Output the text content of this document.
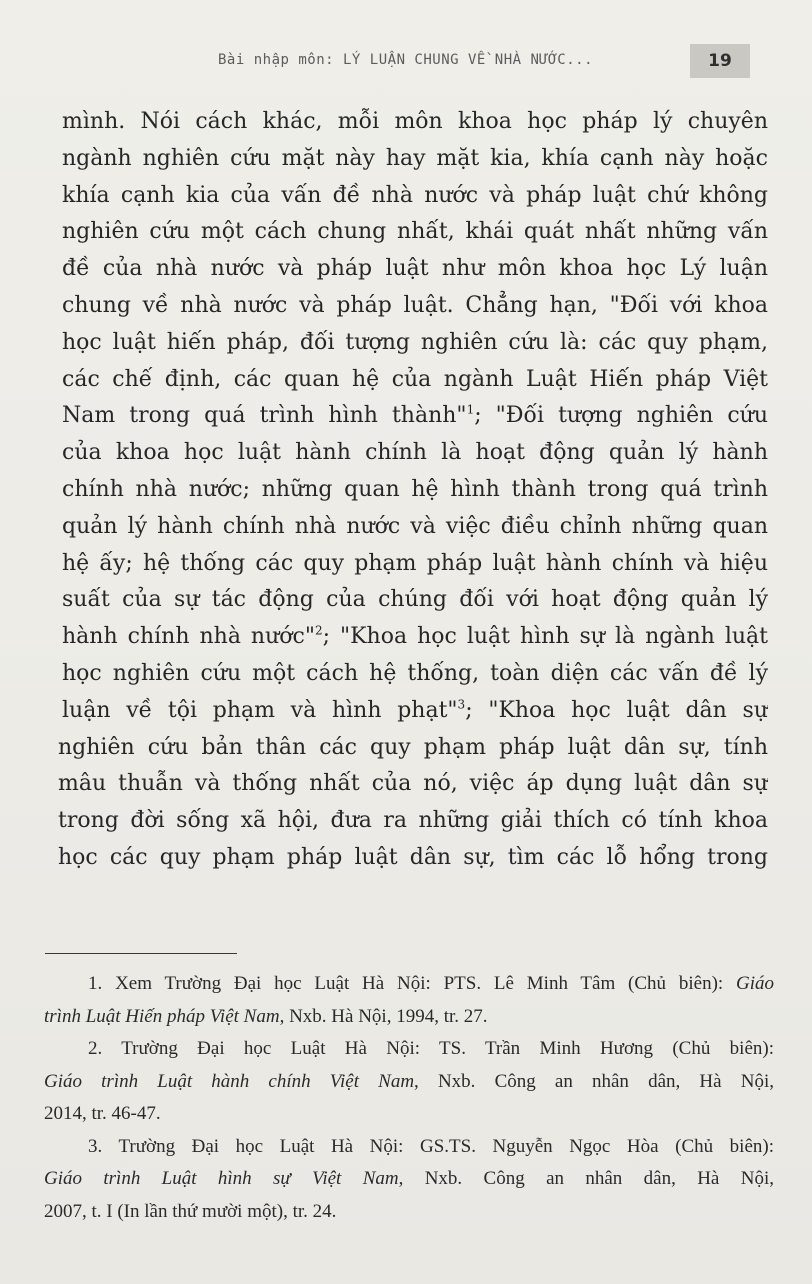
Bài nhập môn: LÝ LUẬN CHUNG VỀ NHÀ NƯỚC...	19
mình. Nói cách khác, mỗi môn khoa học pháp lý chuyên
ngành nghiên cứu mặt này hay mặt kia, khía cạnh này hoặc
khía cạnh kia của vấn đề nhà nước và pháp luật chứ không
nghiên cứu một cách chung nhất, khái quát nhất những vấn
đề của nhà nước và pháp luật như môn khoa học Lý luận
chung về nhà nước và pháp luật. Chẳng hạn, "Đối với khoa
học luật hiến pháp, đối tượng nghiên cứu là: các quy phạm,
các chế định, các quan hệ của ngành Luật Hiến pháp Việt
Nam trong quá trình hình thành"$^1$; "Đối tượng nghiên cứu
của khoa học luật hành chính là hoạt động quản lý hành
chính nhà nước; những quan hệ hình thành trong quá trình
quản lý hành chính nhà nước và việc điều chỉnh những quan
hệ ấy; hệ thống các quy phạm pháp luật hành chính và hiệu
suất của sự tác động của chúng đối với hoạt động quản lý
hành chính nhà nước"$^2$; "Khoa học luật hình sự là ngành luật
học nghiên cứu một cách hệ thống, toàn diện các vấn đề lý
luận về tội phạm và hình phạt"$^3$; "Khoa học luật dân sự
nghiên cứu bản thân các quy phạm pháp luật dân sự, tính
mâu thuẫn và thống nhất của nó, việc áp dụng luật dân sự
trong đời sống xã hội, đưa ra những giải thích có tính khoa
học các quy phạm pháp luật dân sự, tìm các lỗ hổng trong
1. Xem Trường Đại học Luật Hà Nội: PTS. Lê Minh Tâm (Chủ biên): Giáo
trình Luật Hiến pháp Việt Nam, Nxb. Hà Nội, 1994, tr. 27.
2. Trường Đại học Luật Hà Nội: TS. Trần Minh Hương (Chủ biên):
Giáo trình Luật hành chính Việt Nam, Nxb. Công an nhân dân, Hà Nội,
2014, tr. 46-47.
3. Trường Đại học Luật Hà Nội: GS.TS. Nguyễn Ngọc Hòa (Chủ biên):
Giáo trình Luật hình sự Việt Nam, Nxb. Công an nhân dân, Hà Nội,
2007, t. I (In lần thứ mười một), tr. 24.
